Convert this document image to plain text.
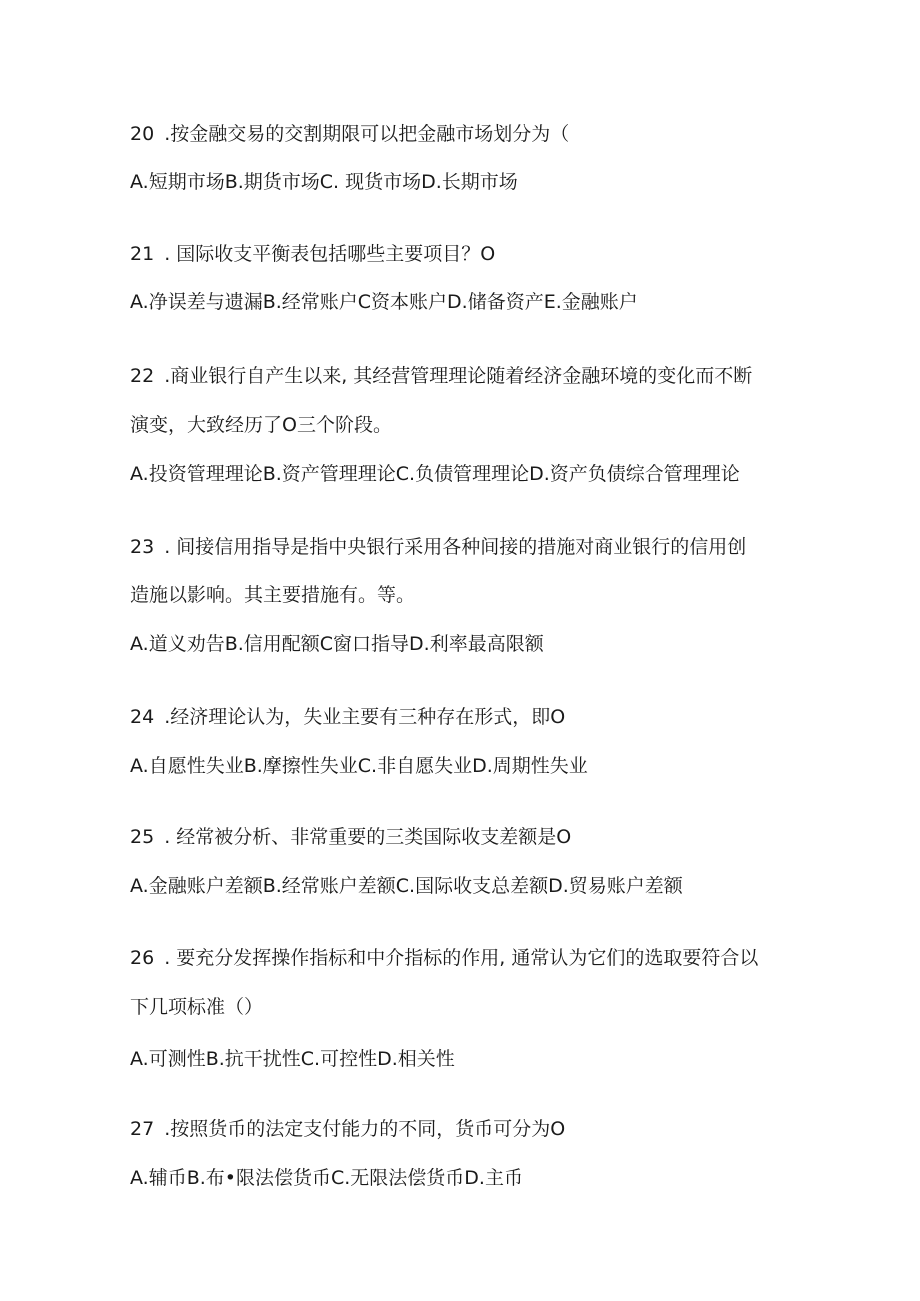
20 .按金融交易的交割期限可以把金融市场划分为（
A.短期市场B.期货市场C. 现货市场D.长期市场
21 . 国际收支平衡表包括哪些主要项目？O
A.净误差与遗漏B.经常账户C资本账户D.储备资产E.金融账户
22 .商业银行自产生以来, 其经营管理理论随着经济金融环境的变化而不断
演变，大致经历了O三个阶段。
A.投资管理理论B.资产管理理论C.负债管理理论D.资产负债综合管理理论
23 . 间接信用指导是指中央银行采用各种间接的措施对商业银行的信用创
造施以影响。其主要措施有。等。
A.道义劝告B.信用配额C窗口指导D.利率最高限额
24 .经济理论认为，失业主要有三种存在形式，即O
A.自愿性失业B.摩擦性失业C.非自愿失业D.周期性失业
25 . 经常被分析、非常重要的三类国际收支差额是O
A.金融账户差额B.经常账户差额C.国际收支总差额D.贸易账户差额
26 . 要充分发挥操作指标和中介指标的作用, 通常认为它们的选取要符合以
下几项标准（）
A.可测性B.抗干扰性C.可控性D.相关性
27 .按照货币的法定支付能力的不同，货币可分为O
A.辅币B.布•限法偿货币C.无限法偿货币D.主币
